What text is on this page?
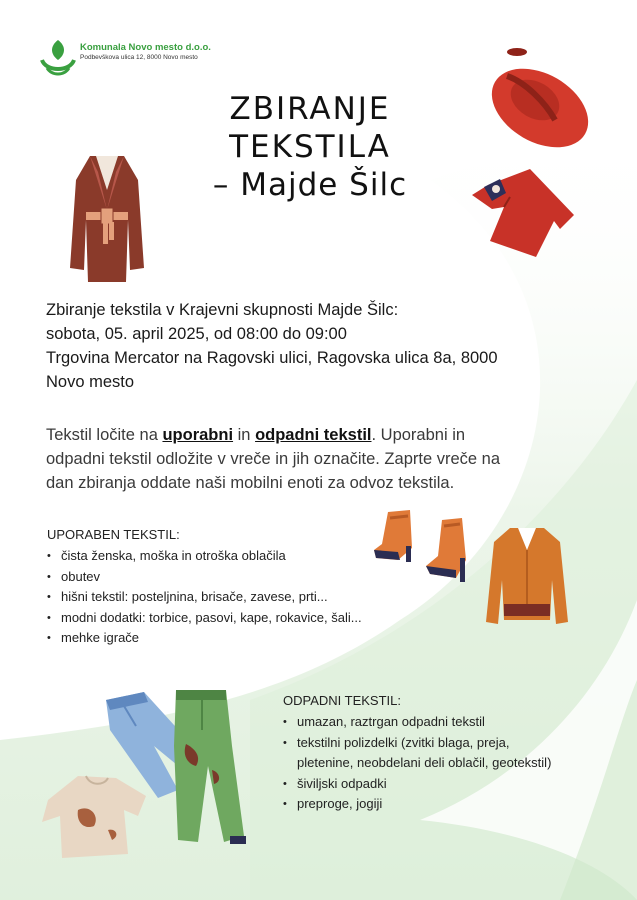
Komunala Novo mesto d.o.o.
Podbevškova ulica 12, 8000 Novo mesto
ZBIRANJE
TEKSTILA
– Majde Šilc
Zbiranje tekstila v Krajevni skupnosti Majde Šilc:
sobota, 05. april 2025, od 08:00 do 09:00
Trgovina Mercator na Ragovski ulici, Ragovska ulica 8a, 8000
Novo mesto
Tekstil ločite na uporabni in odpadni tekstil. Uporabni in
odpadni tekstil odložite v vreče in jih označite. Zaprte vreče na
dan zbiranja oddate naši mobilni enoti za odvoz tekstila.
UPORABEN TEKSTIL:
• čista ženska, moška in otroška oblačila
• obutev
• hišni tekstil: posteljnina, brisače, zavese, prti...
• modni dodatki: torbice, pasovi, kape, rokavice, šali...
• mehke igrače
ODPADNI TEKSTIL:
• umazan, raztrgan odpadni tekstil
• tekstilni polizdelki (zvitki blaga, preja,
pletenine, neobdelani deli oblačil, geotekstil)
• šiviljski odpadki
• preproge, jogiji
